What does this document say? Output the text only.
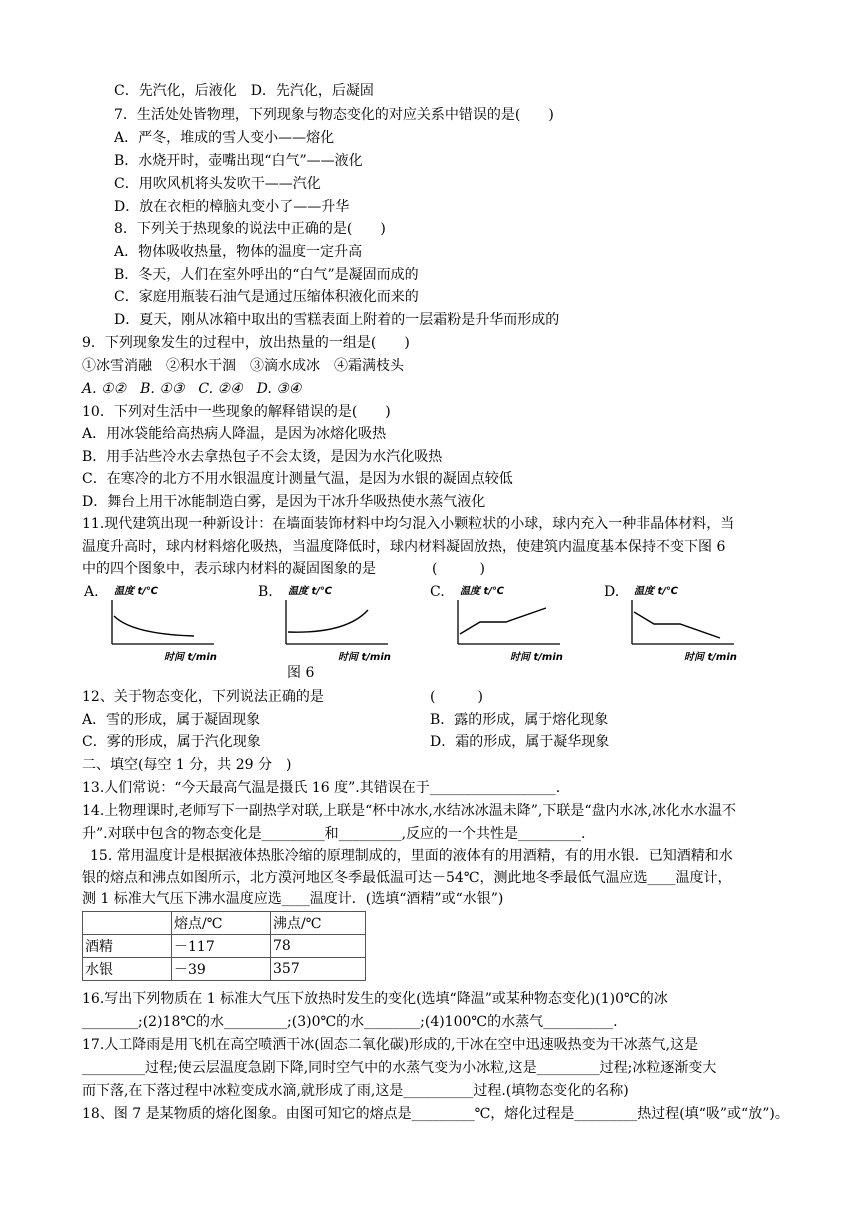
C．先汽化，后液化　D．先汽化，后凝固
7．生活处处皆物理，下列现象与物态变化的对应关系中错误的是(　　)
A．严冬，堆成的雪人变小——熔化
B．水烧开时，壶嘴出现“白气”——液化
C．用吹风机将头发吹干——汽化
D．放在衣柜的樟脑丸变小了——升华
8．下列关于热现象的说法中正确的是(　　)
A．物体吸收热量，物体的温度一定升高
B．冬天，人们在室外呼出的“白气”是凝固而成的
C．家庭用瓶装石油气是通过压缩体积液化而来的
D．夏天，刚从冰箱中取出的雪糕表面上附着的一层霜粉是升华而形成的
9．下列现象发生的过程中，放出热量的一组是(　　)
①冰雪消融　②积水干涸　③滴水成冰　④霜满枝头
A. ①②　B. ①③　C. ②④　D. ③④
10．下列对生活中一些现象的解释错误的是(　　)
A．用冰袋能给高热病人降温，是因为冰熔化吸热
B．用手沾些冷水去拿热包子不会太烫，是因为水汽化吸热
C．在寒冷的北方不用水银温度计测量气温，是因为水银的凝固点较低
D．舞台上用干冰能制造白雾，是因为干冰升华吸热使水蒸气液化
11.现代建筑出现一种新设计：在墙面装饰材料中均匀混入小颗粒状的小球，球内充入一种非晶体材料，当
温度升高时，球内材料熔化吸热，当温度降低时，球内材料凝固放热，使建筑内温度基本保持不变下图 6
中的四个图象中，表示球内材料的凝固图象的是　　　　(　　　)
A. 温度 t/℃
时间 t/min
B. 温度 t/℃
时间 t/min
C. 温度 t/℃
时间 t/min
D. 温度 t/℃
时间 t/min
图 6
12、关于物态变化，下列说法正确的是	(　　　)
A．雪的形成，属于凝固现象	B．露的形成，属于熔化现象
C．雾的形成，属于汽化现象	D．霜的形成，属于凝华现象
二、填空(每空 1 分，共 29 分　)
13.人们常说：“今天最高气温是摄氏 16 度”.其错误在于__________________.
14.上物理课时,老师写下一副热学对联,上联是“杯中冰水,水结冰冰温未降”,下联是“盘内水冰,冰化水水温不
升”.对联中包含的物态变化是_________和_________,反应的一个共性是_________.
15. 常用温度计是根据液体热胀冷缩的原理制成的，里面的液体有的用酒精，有的用水银．已知酒精和水
银的熔点和沸点如图所示，北方漠河地区冬季最低温可达－54℃，测此地冬季最低气温应选____温度计，
测 1 标准大气压下沸水温度应选____温度计．(选填“酒精”或“水银”)
	熔点/℃	沸点/℃
酒精	－117	78
水银	－39	357
16.写出下列物质在 1 标准大气压下放热时发生的变化(选填“降温”或某种物态变化)(1)0℃的冰
________;(2)18℃的水_________;(3)0℃的水________;(4)100℃的水蒸气__________.
17.人工降雨是用飞机在高空喷洒干冰(固态二氧化碳)形成的,干冰在空中迅速吸热变为干冰蒸气,这是
_________过程;使云层温度急剧下降,同时空气中的水蒸气变为小冰粒,这是_________过程;冰粒逐渐变大
而下落,在下落过程中冰粒变成水滴,就形成了雨,这是__________过程.(填物态变化的名称)
18、图 7 是某物质的熔化图象。由图可知它的熔点是_________℃，熔化过程是_________热过程(填“吸”或“放”)。
